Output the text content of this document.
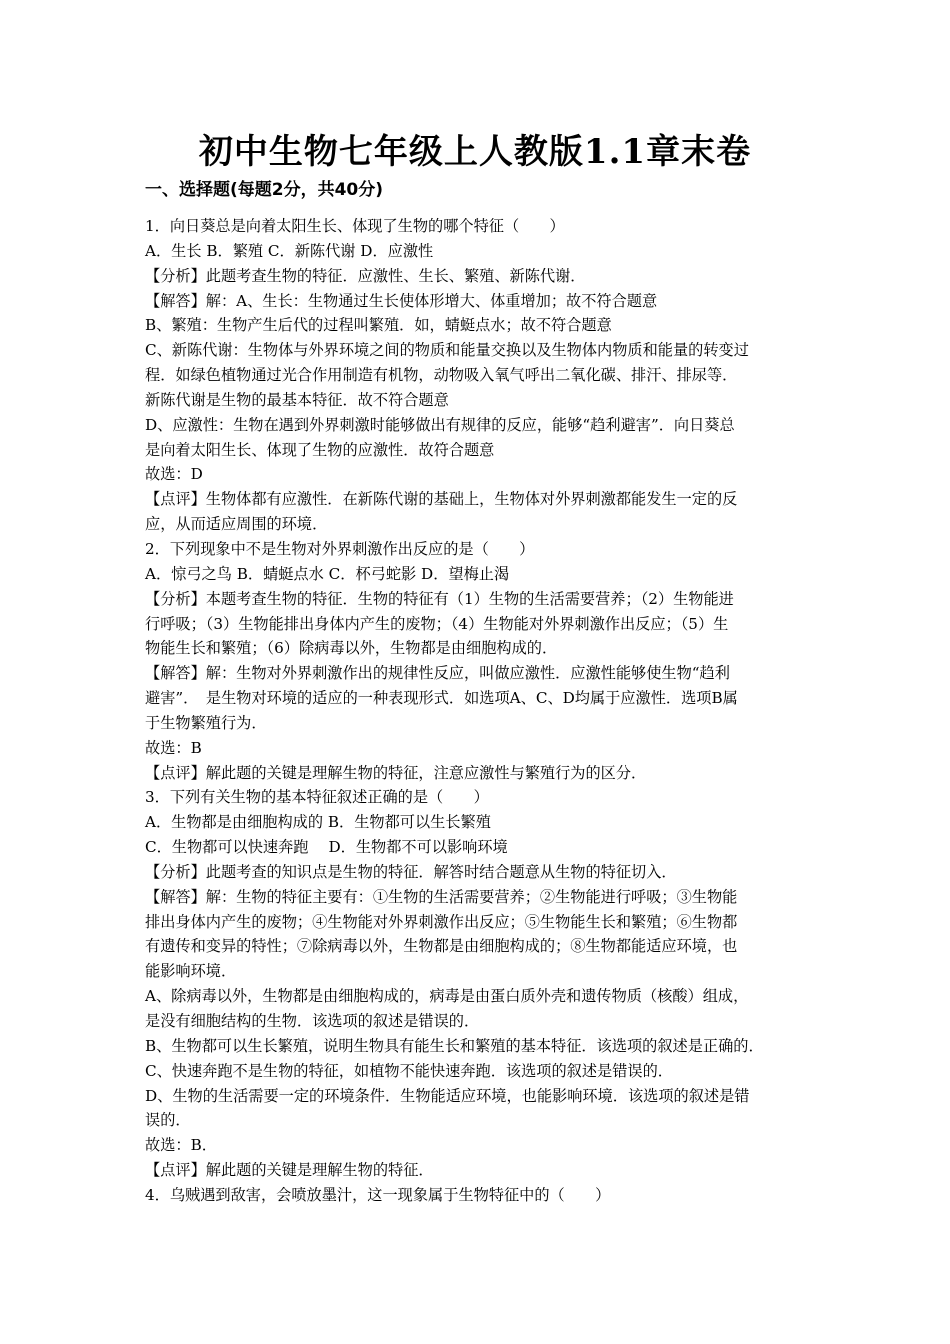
初中生物七年级上人教版1.1章末卷
一、选择题(每题2分，共40分)
1．向日葵总是向着太阳生长、体现了生物的哪个特征（　　）
A．生长 B．繁殖 C．新陈代谢 D．应激性
【分析】此题考查生物的特征．应激性、生长、繁殖、新陈代谢．
【解答】解：A、生长：生物通过生长使体形增大、体重增加；故不符合题意
B、繁殖：生物产生后代的过程叫繁殖．如，蜻蜓点水；故不符合题意
C、新陈代谢：生物体与外界环境之间的物质和能量交换以及生物体内物质和能量的转变过
程．如绿色植物通过光合作用制造有机物，动物吸入氧气呼出二氧化碳、排汗、排尿等．
新陈代谢是生物的最基本特征．故不符合题意
D、应激性：生物在遇到外界刺激时能够做出有规律的反应，能够“趋利避害”．向日葵总
是向着太阳生长、体现了生物的应激性．故符合题意
故选：D
【点评】生物体都有应激性．在新陈代谢的基础上，生物体对外界刺激都能发生一定的反
应，从而适应周围的环境．
2．下列现象中不是生物对外界刺激作出反应的是（　　）
A．惊弓之鸟 B．蜻蜓点水 C．杯弓蛇影 D．望梅止渴
【分析】本题考查生物的特征．生物的特征有（1）生物的生活需要营养；（2）生物能进
行呼吸；（3）生物能排出身体内产生的废物；（4）生物能对外界刺激作出反应；（5）生
物能生长和繁殖；（6）除病毒以外，生物都是由细胞构成的．
【解答】解：生物对外界刺激作出的规律性反应，叫做应激性．应激性能够使生物“趋利
避害”．　是生物对环境的适应的一种表现形式．如选项A、C、D均属于应激性．选项B属
于生物繁殖行为．
故选：B
【点评】解此题的关键是理解生物的特征，注意应激性与繁殖行为的区分．
3．下列有关生物的基本特征叙述正确的是（　　）
A．生物都是由细胞构成的 B．生物都可以生长繁殖
C．生物都可以快速奔跑　 D．生物都不可以影响环境
【分析】此题考查的知识点是生物的特征．解答时结合题意从生物的特征切入．
【解答】解：生物的特征主要有：①生物的生活需要营养；②生物能进行呼吸；③生物能
排出身体内产生的废物；④生物能对外界刺激作出反应；⑤生物能生长和繁殖；⑥生物都
有遗传和变异的特性；⑦除病毒以外，生物都是由细胞构成的；⑧生物都能适应环境，也
能影响环境．
A、除病毒以外，生物都是由细胞构成的，病毒是由蛋白质外壳和遗传物质（核酸）组成，
是没有细胞结构的生物．该选项的叙述是错误的．
B、生物都可以生长繁殖，说明生物具有能生长和繁殖的基本特征．该选项的叙述是正确的．
C、快速奔跑不是生物的特征，如植物不能快速奔跑．该选项的叙述是错误的．
D、生物的生活需要一定的环境条件．生物能适应环境，也能影响环境．该选项的叙述是错
误的．
故选：B．
【点评】解此题的关键是理解生物的特征．
4．乌贼遇到敌害，会喷放墨汁，这一现象属于生物特征中的（　　）
